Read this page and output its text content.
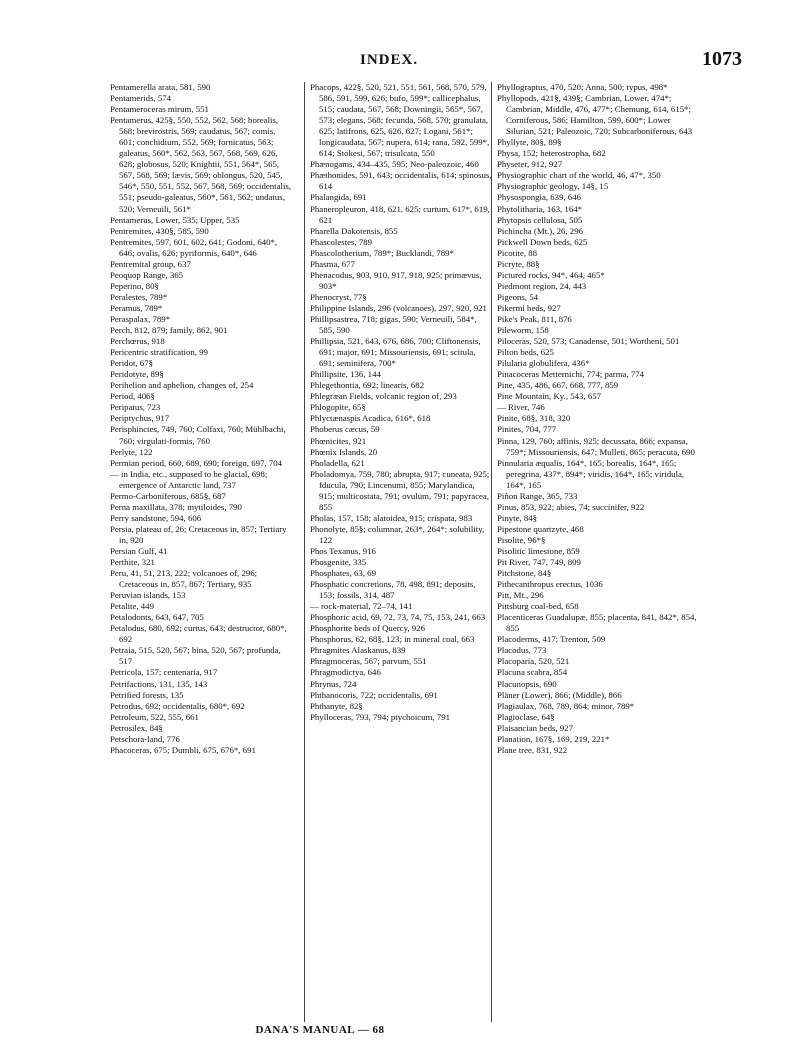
INDEX.	1073

Pentamerella arata, 581, 590

Pentamerids, 574

Pentameroceras mirum, 551

Pentamerus, 425§, 550, 552, 562, 568; borealis, 568; brevirostris, 569; caudatus, 567; comis, 601; conchidium, 552, 569; fornicatus, 563; galeatus, 560*, 562, 563, 567, 568, 569, 626, 628; globosus, 520; Knightii, 551, 564*, 565, 567, 568, 569; lævis, 569; oblongus, 520, 545, 546*, 550, 551, 552, 567, 568, 569; occidentalis, 551; pseudo-galeatus, 560*, 561, 562; undatus, 520; Verneuili, 561*

Pentamerus, Lower, 535; Upper, 535

Pentremites, 430§, 585, 590

Pentremites, 597, 601, 602, 641; Godoni, 640*, 646; ovalis, 626; pyriformis, 640*, 646

Pentremital group, 637

Peoquop Range, 365

Peperino, 80§

Peralestes, 789*

Peramus, 789*

Peraspalax, 789*

Perch, 812, 879; family, 862, 901

Perchœrus, 918

Pericentric stratification, 99

Peridot, 67§

Peridotyte, 89§

Perihelion and aphelion, changes of, 254

Period, 406§

Peripatus, 723

Periptychus, 917

Perisphinctes, 749, 760; Colfaxi, 760; Mühlbachi, 760; virgulati-formis, 760

Perlyte, 122

Permian period, 660, 689, 690; foreign, 697, 704

— in India, etc., supposed to be glacial, 698; emergence of Antarctic land, 737

Permo-Carboniferous, 685§, 687

Perna maxillata, 378; mytiloides, 790

Perry sandstone, 594, 606

Persia, plateau of, 26; Cretaceous in, 857; Tertiary in, 920

Persian Gulf, 41

Perthite, 321

Peru, 41, 51, 213, 222; volcanoes of, 296; Cretaceous in, 857, 867; Tertiary, 935

Peruvian islands, 153

Petalite, 449

Petalodonts, 643, 647, 705

Petalodus, 680, 692; curtus, 643; destructor, 680*, 692

Petraia, 515, 520, 567; bina, 520, 567; profunda, 517

Petricola, 157; centenaria, 917

Petrifactions, 131, 135, 143

Petrified forests, 135

Petrodus, 692; occidentalis, 680*, 692

Petroleum, 522, 555, 661

Petrosilex, 84§

Petschora-land, 776

Phacoceras, 675; Dumbli, 675, 676*, 691

Phacops, 422§, 520, 521, 551, 561, 568, 570, 579, 586, 591, 599, 626; bufo, 599*; callicephalus, 515; caudata, 567, 568; Downingii, 565*, 567, 573; elegans, 568; fecunda, 568, 570; granulata, 625; latifrons, 625, 626, 627; Logani, 561*; longicaudata, 567; nupera, 614; rana, 592, 599*, 614; Stokesi, 567; trisulcata, 550

Phænogams, 434–435, 595; Neo-paleozoic, 460

Phæthonides, 591, 643; occidentalis, 614; spinosus, 614

Phalangida, 691

Phaneropleuron, 418, 621, 625; curtum, 617*, 619, 621

Pharella Dakotensis, 855

Phascolestes, 789

Phascolotherium, 789*; Bucklandi, 789*

Phasma, 677

Phenacodus, 903, 910, 917, 918, 925; primævus, 903*

Phenocryst, 77§

Philippine Islands, 296 (volcanoes), 297, 920, 921

Phillipsastrea, 718; gigas, 590; Verneuili, 584*, 585, 590

Phillipsia, 521, 643, 676, 686, 700; Cliftonensis, 691; major, 691; Missouriensis, 691; scitula, 691; seminifera, 700*

Phillipsite, 136, 144

Phlegethontia, 692; linearis, 682

Phlegræan Fields, volcanic region of, 293

Phlogopite, 65§

Phlyctænaspis Acadica, 616*, 618

Phoberus cæcus, 59

Phœnicites, 921

Phœnix Islands, 20

Pholadella, 621

Pholadomya, 759, 780; abrupta, 917; cuneata, 925; fducula, 790; Lincenumi, 855; Marylandica, 915; multicostata, 791; ovulum, 791; papyracea, 855

Pholas, 157, 158; alatoidea, 915; crispata, 983

Phonolyte, 85§; columnar, 263*, 264*; solubility, 122

Phos Texanus, 916

Phosgenite, 335

Phosphates, 63, 69

Phosphatic concretions, 78, 498, 891; deposits, 153; fossils, 314, 487

— rock-material, 72–74, 141

Phosphoric acid, 69, 72, 73, 74, 75, 153, 241, 663

Phosphorite beds of Quercy, 926

Phosphorus, 62, 68§, 123; in mineral coal, 663

Phragmites Alaskanus, 839

Phragmoceras, 567; parvum, 551

Phragmodictya, 646

Phrynus, 724

Phthanocoris, 722; occidentalis, 691

Phthanyte, 82§

Phylloceras, 793, 794; ptychoicum, 791

Phyllograptus, 470, 520; Anna, 500; typus, 498*

Phyllopods, 421§, 439§; Cambrian, Lower, 474*; Cambrian, Middle, 476, 477*; Chemung, 614, 615*; Corniferous, 586; Hamilton, 599, 600*; Lower Silurian, 521; Paleozoic, 720; Subcarboniferous, 643

Phyllyte, 80§, 89§

Physa, 152; heterostropha, 682

Physeter, 912, 927

Physiographic chart of the world, 46, 47*, 350

Physiographic geology, 14§, 15

Physospongia, 639, 646

Phytolitharia, 163, 164*

Phytopsis cellulosa, 505

Pichincha (Mt.), 26, 296

Pickwell Down beds, 625

Picotite, 88

Picryte, 88§

Pictured rocks, 94*, 464, 465*

Piedmont region, 24, 443

Pigeons, 54

Pikermi beds, 927

Pike's Peak, 811, 876

Pileworm, 158

Piloceras, 520, 573; Canadense, 501; Wortheni, 501

Pilton beds, 625

Pilularia globulifera, 436*

Pinacoceras Metternichi, 774; parma, 774

Pine, 435, 486, 667, 668, 777, 859

Pine Mountain, Ky., 543, 657

— River, 746

Pinite, 68§, 318, 320

Pinites, 704, 777

Pinna, 129, 760; affinis, 925; decussata, 866; expansa, 759*; Missouriensis, 647; Mulleti, 865; peracuta, 690

Pinnularia æqualis, 164*, 165; borealis, 164*, 165; peregrina, 437*, 894*; viridis, 164*, 165; viridula, 164*, 165

Piñon Range, 365, 733

Pinus, 853, 922; abies, 74; succinifer, 922

Pinyte, 84§

Pipestone quartzyte, 468

Pisolite, 96*§

Pisolitic limestone, 859

Pit River, 747, 749, 809

Pitchstone, 84§

Pithecanthropus erectus, 1036

Pitt, Mt., 296

Pittsburg coal-bed, 658

Placenticeras Guadalupæ, 855; placenta, 841, 842*, 854, 855

Placoderms, 417; Trenton, 509

Placodus, 773

Placoparia, 520, 521

Placuna scabra, 854

Placunopsis, 690

Pläner (Lower), 866; (Middle), 866

Plagiaulax, 768, 789, 864; minor, 789*

Plagioclase, 64§

Plaisancian beds, 927

Planation, 167§, 169, 219, 221*

Plane tree, 831, 922

DANA'S MANUAL — 68
